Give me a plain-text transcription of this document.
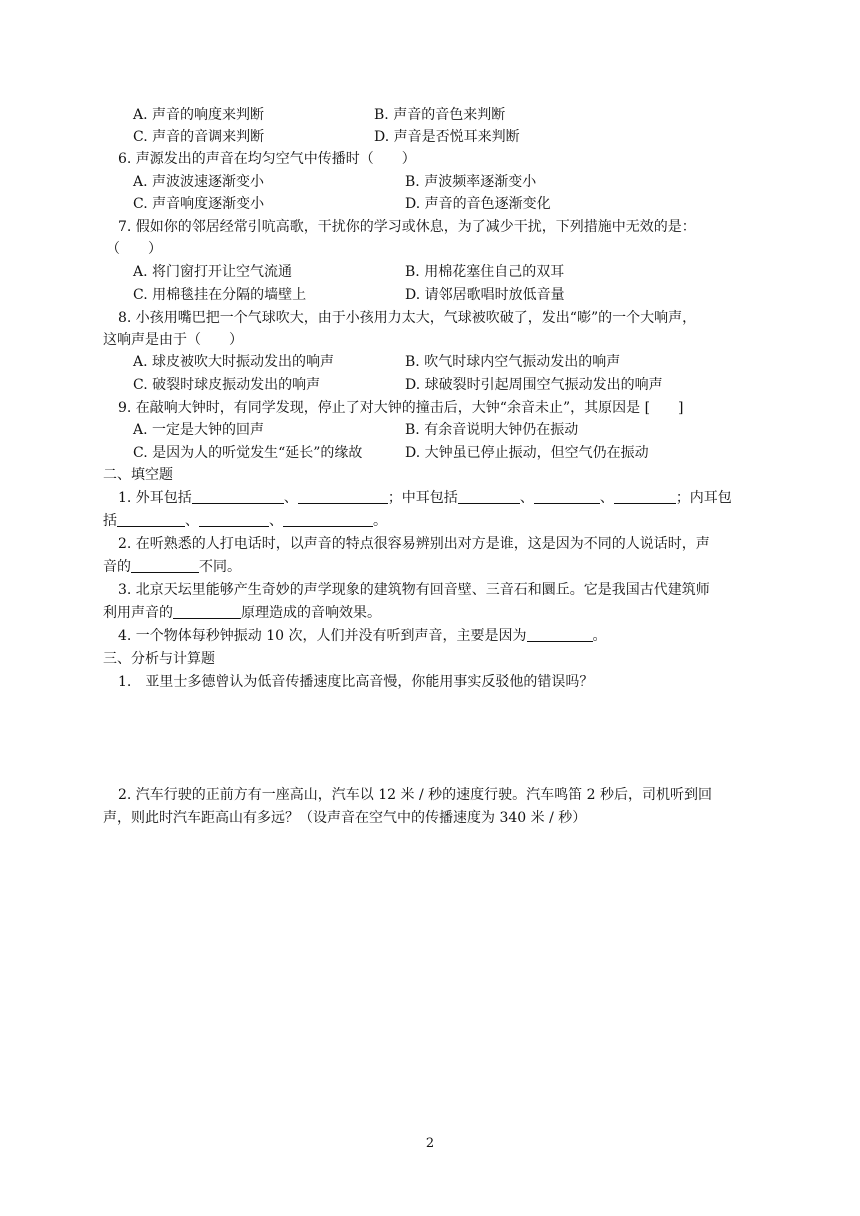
A. 声音的响度来判断	B. 声音的音色来判断
C. 声音的音调来判断	D. 声音是否悦耳来判断
6. 声源发出的声音在均匀空气中传播时（　　）
A. 声波波速逐渐变小	B. 声波频率逐渐变小
C. 声音响度逐渐变小	D. 声音的音色逐渐变化
7. 假如你的邻居经常引吭高歌，干扰你的学习或休息，为了减少干扰，下列措施中无效的是：
（　　）
A. 将门窗打开让空气流通	B. 用棉花塞住自己的双耳
C. 用棉毯挂在分隔的墙壁上	D. 请邻居歌唱时放低音量
8. 小孩用嘴巴把一个气球吹大，由于小孩用力太大，气球被吹破了，发出“嘭”的一个大响声，
这响声是由于（　　）
A. 球皮被吹大时振动发出的响声	B. 吹气时球内空气振动发出的响声
C. 破裂时球皮振动发出的响声	D. 球破裂时引起周围空气振动发出的响声
9. 在敲响大钟时，有同学发现，停止了对大钟的撞击后，大钟“余音未止”，其原因是 [　　]
A. 一定是大钟的回声	B. 有余音说明大钟仍在振动
C. 是因为人的听觉发生“延长”的缘故	D. 大钟虽已停止振动，但空气仍在振动
二、填空题
1. 外耳包括	、	；中耳包括	、	、	；内耳包
括	、	、	。
2. 在听熟悉的人打电话时，以声音的特点很容易辨别出对方是谁，这是因为不同的人说话时，声
音的	不同。
3. 北京天坛里能够产生奇妙的声学现象的建筑物有回音壁、三音石和圜丘。它是我国古代建筑师
利用声音的	原理造成的音响效果。
4. 一个物体每秒钟振动 10 次，人们并没有听到声音，主要是因为	。
三、分析与计算题
1.　亚里士多德曾认为低音传播速度比高音慢，你能用事实反驳他的错误吗？
2. 汽车行驶的正前方有一座高山，汽车以 12 米 / 秒的速度行驶。汽车鸣笛 2 秒后，司机听到回
声，则此时汽车距高山有多远？（设声音在空气中的传播速度为 340 米 / 秒）
2
